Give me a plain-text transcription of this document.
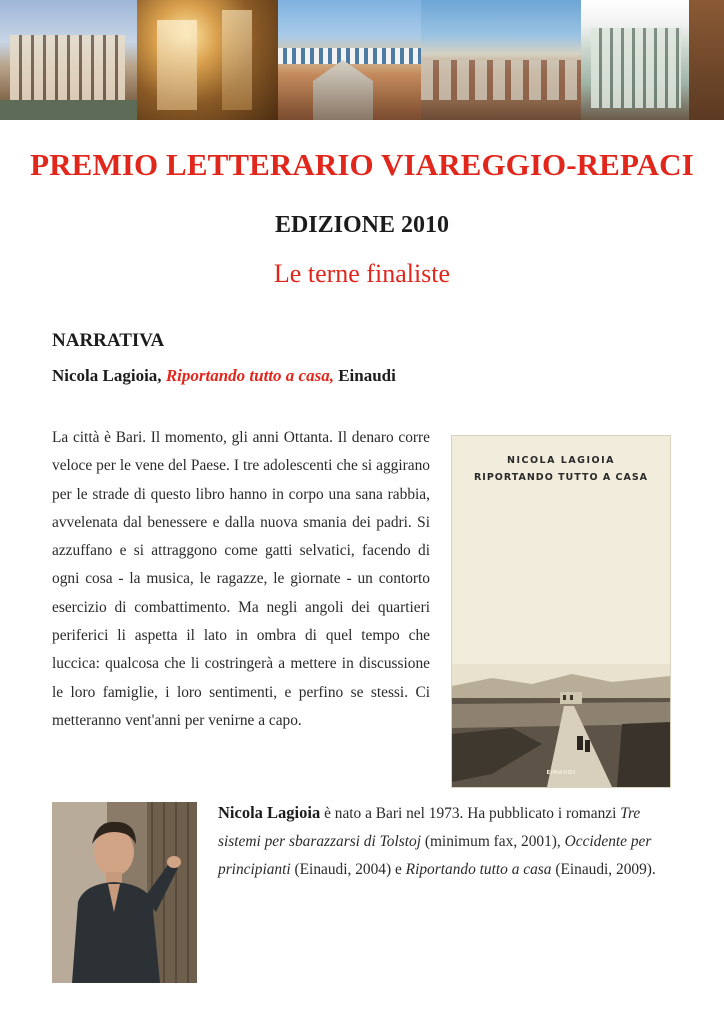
PREMIO LETTERARIO VIAREGGIO-REPACI
EDIZIONE 2010
Le terne finaliste
NARRATIVA
Nicola Lagioia, Riportando tutto a casa, Einaudi

La città è Bari. Il momento, gli anni Ottanta. Il denaro corre veloce per le vene del Paese. I tre adolescenti che si aggirano per le strade di questo libro hanno in corpo una sana rabbia, avvelenata dal benessere e dalla nuova smania dei padri. Si azzuffano e si attraggono come gatti selvatici, facendo di ogni cosa - la musica, le ragazze, le giornate - un contorto esercizio di combattimento. Ma negli angoli dei quartieri periferici li aspetta il lato in ombra di quel tempo che luccica: qualcosa che li costringerà a mettere in discussione le loro famiglie, i loro sentimenti, e perfino se stessi. Ci metteranno vent'anni per venirne a capo.

NICOLA LAGIOIA
RIPORTANDO TUTTO A CASA
EINAUDI

Nicola Lagioia è nato a Bari nel 1973. Ha pubblicato i romanzi Tre sistemi per sbarazzarsi di Tolstoj (minimum fax, 2001), Occidente per principianti (Einaudi, 2004) e Riportando tutto a casa (Einaudi, 2009).
